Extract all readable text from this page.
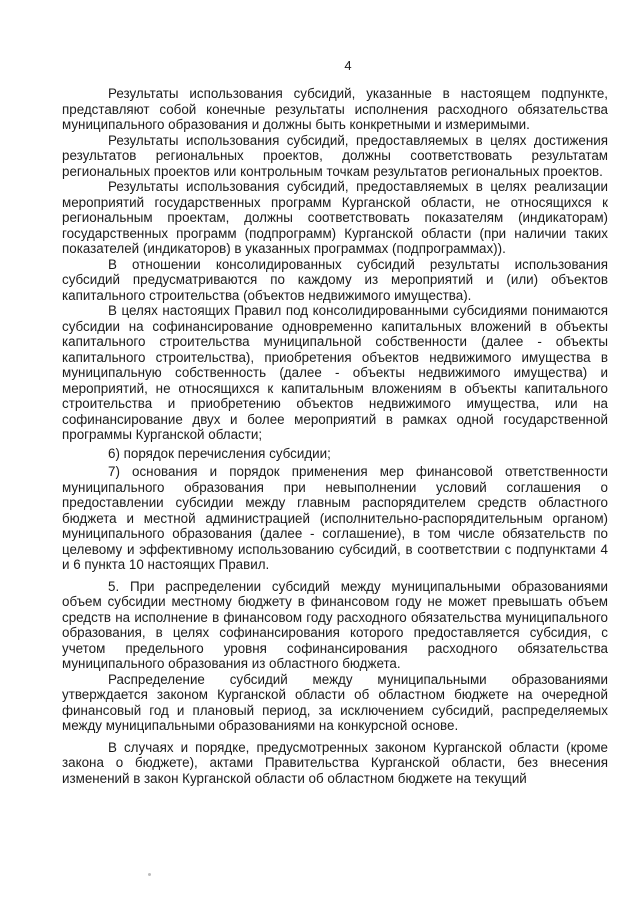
4

Результаты использования субсидий, указанные в настоящем подпункте, представляют собой конечные результаты исполнения расходного обязательства муниципального образования и должны быть конкретными и измеримыми.

Результаты использования субсидий, предоставляемых в целях достижения результатов региональных проектов, должны соответствовать результатам региональных проектов или контрольным точкам результатов региональных проектов.

Результаты использования субсидий, предоставляемых в целях реализации мероприятий государственных программ Курганской области, не относящихся к региональным проектам, должны соответствовать показателям (индикаторам) государственных программ (подпрограмм) Курганской области (при наличии таких показателей (индикаторов) в указанных программах (подпрограммах)).

В отношении консолидированных субсидий результаты использования субсидий предусматриваются по каждому из мероприятий и (или) объектов капитального строительства (объектов недвижимого имущества).

В целях настоящих Правил под консолидированными субсидиями понимаются субсидии на софинансирование одновременно капитальных вложений в объекты капитального строительства муниципальной собственности (далее - объекты капитального строительства), приобретения объектов недвижимого имущества в муниципальную собственность (далее - объекты недвижимого имущества) и мероприятий, не относящихся к капитальным вложениям в объекты капитального строительства и приобретению объектов недвижимого имущества, или на софинансирование двух и более мероприятий в рамках одной государственной программы Курганской области;

6) порядок перечисления субсидии;

7) основания и порядок применения мер финансовой ответственности муниципального образования при невыполнении условий соглашения о предоставлении субсидии между главным распорядителем средств областного бюджета и местной администрацией (исполнительно-распорядительным органом) муниципального образования (далее - соглашение), в том числе обязательств по целевому и эффективному использованию субсидий, в соответствии с подпунктами 4 и 6 пункта 10 настоящих Правил.

5. При распределении субсидий между муниципальными образованиями объем субсидии местному бюджету в финансовом году не может превышать объем средств на исполнение в финансовом году расходного обязательства муниципального образования, в целях софинансирования которого предоставляется субсидия, с учетом предельного уровня софинансирования расходного обязательства муниципального образования из областного бюджета.

Распределение субсидий между муниципальными образованиями утверждается законом Курганской области об областном бюджете на очередной финансовый год и плановый период, за исключением субсидий, распределяемых между муниципальными образованиями на конкурсной основе.

В случаях и порядке, предусмотренных законом Курганской области (кроме закона о бюджете), актами Правительства Курганской области, без внесения изменений в закон Курганской области об областном бюджете на текущий
